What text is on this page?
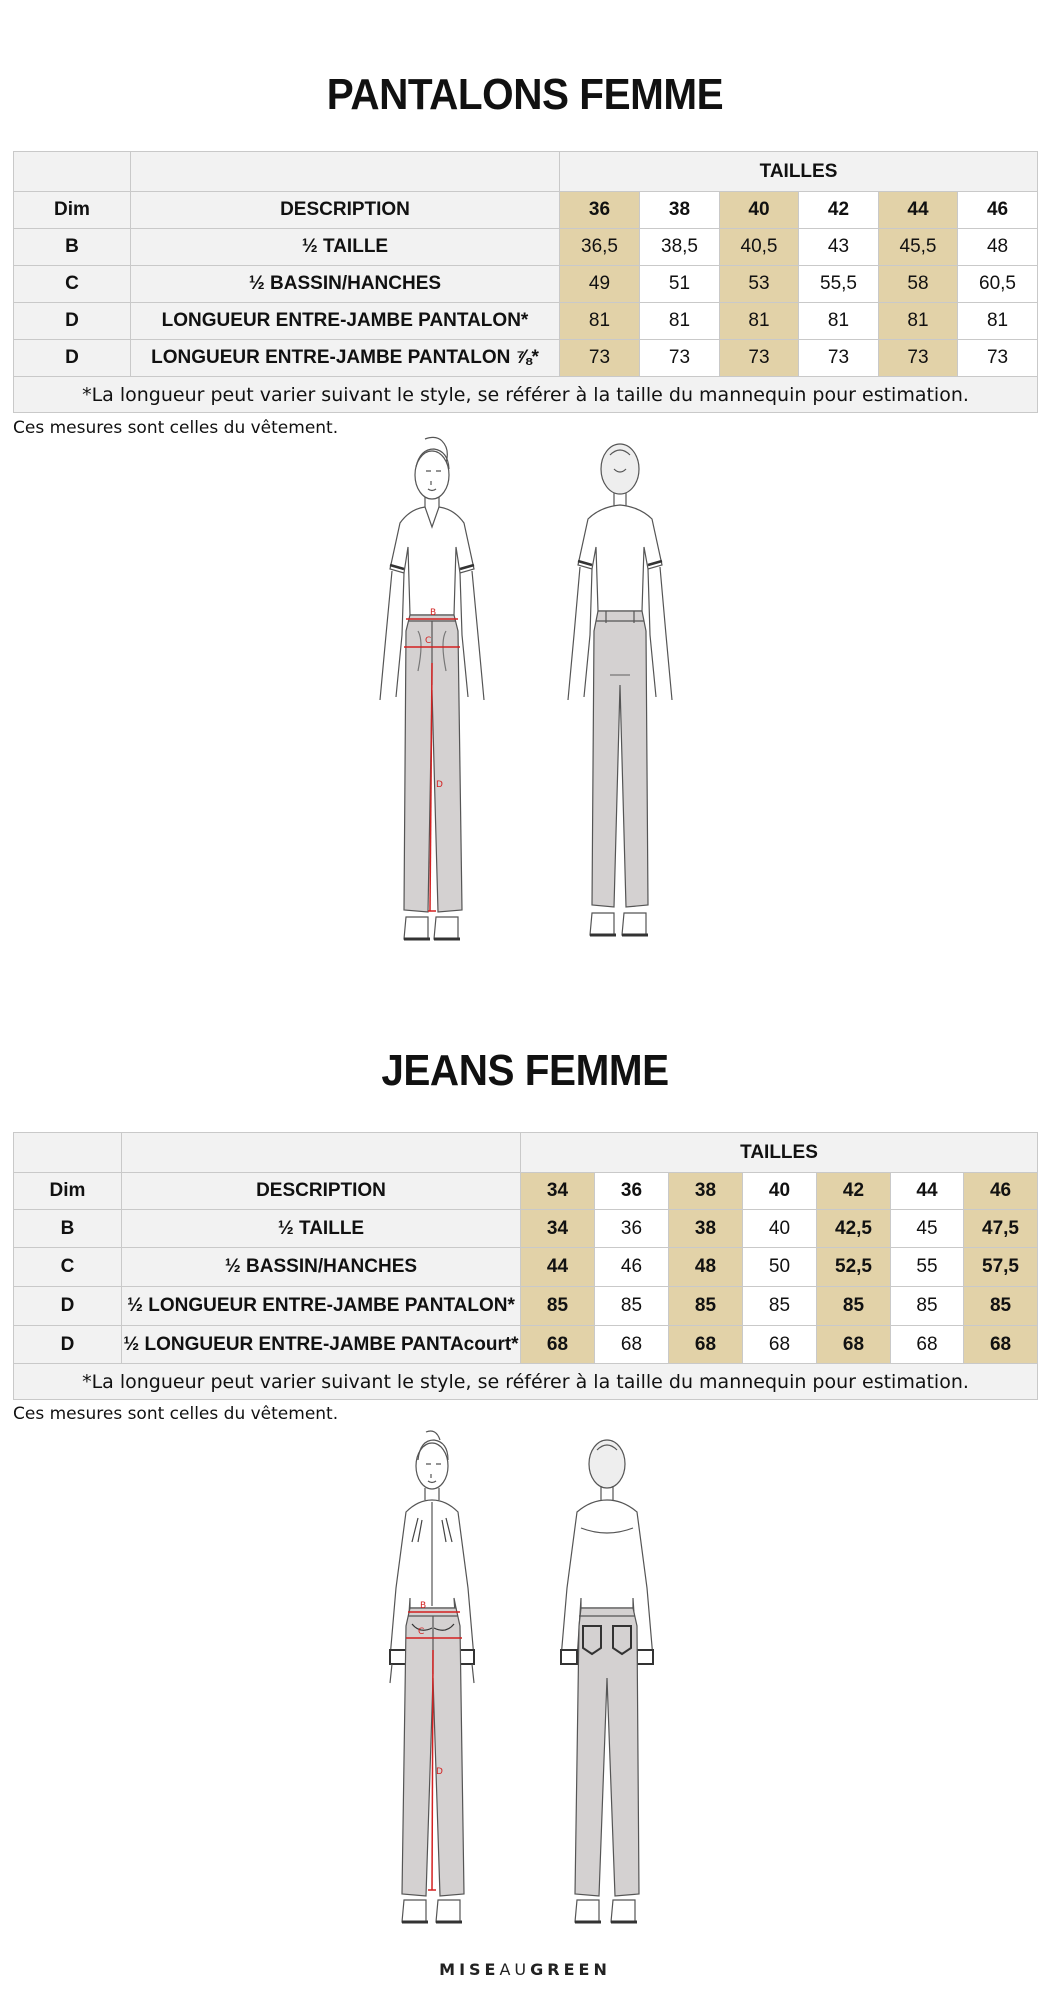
PANTALONS FEMME
		TAILLES					
Dim	DESCRIPTION	36	38	40	42	44	46
B	½ TAILLE	36,5	38,5	40,5	43	45,5	48
C	½ BASSIN/HANCHES	49	51	53	55,5	58	60,5
D	LONGUEUR ENTRE-JAMBE PANTALON*	81	81	81	81	81	81
D	LONGUEUR ENTRE-JAMBE PANTALON ⅞*	73	73	73	73	73	73
*La longueur peut varier suivant le style, se référer à la taille du mannequin pour estimation.							
Ces mesures sont celles du vêtement.
B
C
D
JEANS FEMME
		TAILLES						
Dim	DESCRIPTION	34	36	38	40	42	44	46
B	½ TAILLE	34	36	38	40	42,5	45	47,5
C	½ BASSIN/HANCHES	44	46	48	50	52,5	55	57,5
D	½ LONGUEUR ENTRE-JAMBE PANTALON*	85	85	85	85	85	85	85
D	½ LONGUEUR ENTRE-JAMBE PANTAcourt*	68	68	68	68	68	68	68
*La longueur peut varier suivant le style, se référer à la taille du mannequin pour estimation.								
Ces mesures sont celles du vêtement.
B
C
D
MISEAUGREEN
